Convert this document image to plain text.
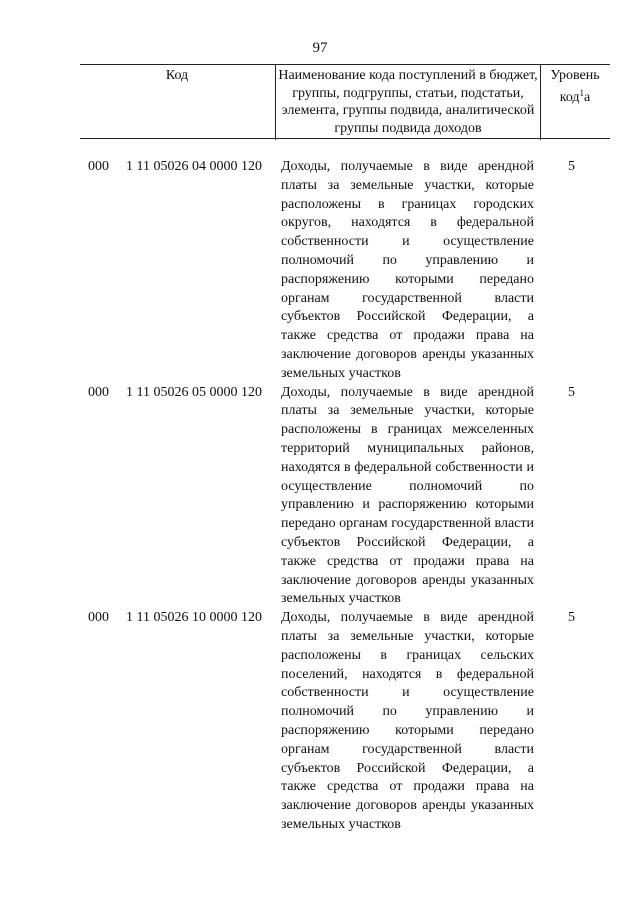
97
Код	Наименование кода поступлений в бюджет, группы, подгруппы, статьи, подстатьи, элемента, группы подвида, аналитической группы подвида доходов
Уровень код$^1$а
000 1 11 05026 04 0000 120 Доходы, получаемые в виде арендной платы за земельные участки, которые расположены в границах городских округов, находятся в федеральной собственности и осуществление полномочий по управлению и распоряжению которыми передано органам государственной власти субъектов Российской Федерации, а также средства от продажи права на заключение договоров аренды указанных земельных участков
5
000 1 11 05026 05 0000 120 Доходы, получаемые в виде арендной платы за земельные участки, которые расположены в границах межселенных территорий муниципальных районов, находятся в федеральной собственности и осуществление полномочий по управлению и распоряжению которыми передано органам государственной власти субъектов Российской Федерации, а также средства от продажи права на заключение договоров аренды указанных земельных участков
5
000 1 11 05026 10 0000 120 Доходы, получаемые в виде арендной платы за земельные участки, которые расположены в границах сельских поселений, находятся в федеральной собственности и осуществление полномочий по управлению и распоряжению которыми передано органам государственной власти субъектов Российской Федерации, а также средства от продажи права на заключение договоров аренды указанных земельных участков
5
